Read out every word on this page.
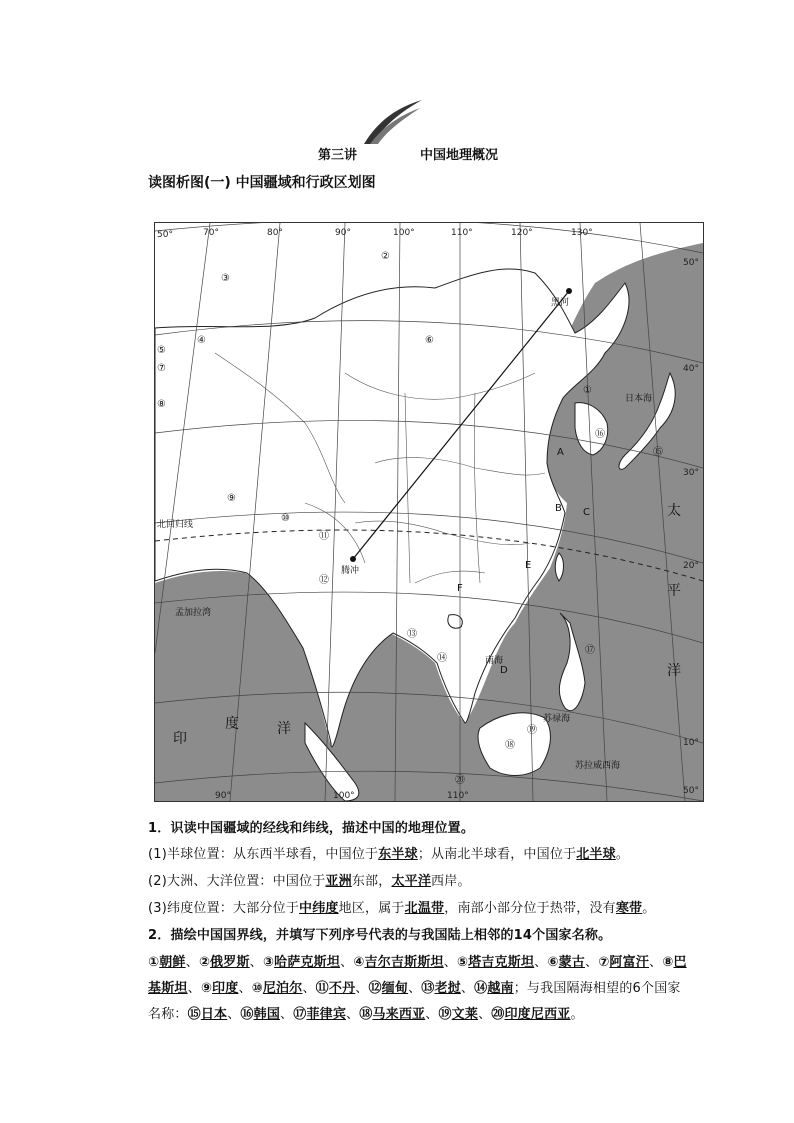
第三讲	中国地理概况
读图析图(一) 中国疆域和行政区划图
50°	70°	80°	90°	100°	110°	120°	130°
90°	100°	110°
50°
40°
30°
20°
10°
50°
太
平
洋
印
度	洋
日本海
孟加拉湾
南海
苏拉威西海
苏禄海
黑河
腾冲
北回归线
A
B C
D
E
F
①
②
③
④
⑤
⑥
⑦
⑧
⑨
⑩
⑪
⑫
⑬
⑭
⑮
⑯
⑰
⑱
⑲
⑳
1．识读中国疆域的经线和纬线，描述中国的地理位置。
(1)半球位置：从东西半球看，中国位于东半球；从南北半球看，中国位于北半球。
(2)大洲、大洋位置：中国位于亚洲东部，太平洋西岸。
(3)纬度位置：大部分位于中纬度地区，属于北温带，南部小部分位于热带，没有寒带。
2．描绘中国国界线，并填写下列序号代表的与我国陆上相邻的14个国家名称。
①朝鲜、②俄罗斯、③哈萨克斯坦、④吉尔吉斯斯坦、⑤塔吉克斯坦、⑥蒙古、⑦阿富汗、⑧巴基斯坦、⑨印度、⑩尼泊尔、⑪不丹、⑫缅甸、⑬老挝、⑭越南；与我国隔海相望的6个国家名称：⑮日本、⑯韩国、⑰菲律宾、⑱马来西亚、⑲文莱、⑳印度尼西亚。
